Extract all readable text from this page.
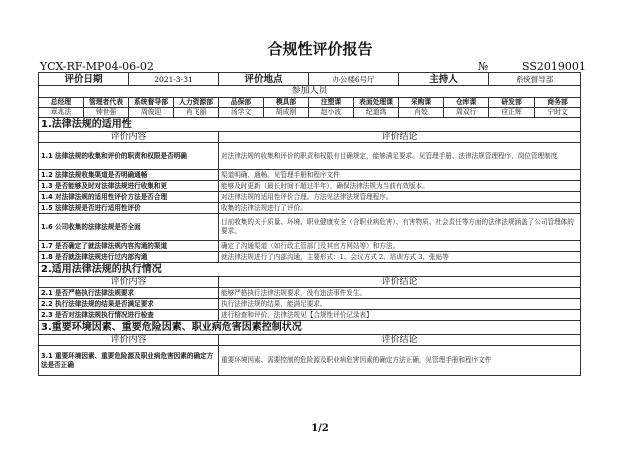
合规性评价报告
YCX-RF-MP04-06-02	№	SS2019001
评价日期		2021-3-31		评价地点		办公楼6号厅		主持人		系统督导部	
参加人员											
总经理	管理者代表	系统督导部	人力资源部	品保部	模具部	注塑课	表面处理课	采购课	仓库课	研发部	商务部
章兆法	钟世强	周俊迎	肖飞丽	汤学文	胡成刚	赵小波	纪道鸿	肖姣	周双行	应正辉	宁时文
1.法律法规的适用性											
评价内容				评价结论							
1.1 法律法规的收集和评价的职责和权限是否明确				对法律法规的收集和评价的职责和权限有目确规定，能够满足要求。见管理手册、法律法规管理程序、岗位管理制度							
1.2 法律法规收集渠道是否明确通畅				渠道明确、通畅。见管理手册和程序文件							
1.3 是否能够及时对法律法规进行收集和更				能够及时更新（最长时间不超过半年），确保法律法规为当前有效版本。							
1.4 对法律法规的适用性评价方法是否合理				对法律法规的适用性评价合理。方法见法律法规管理程序。							
1.5 法律法规是否进行适用性评价				收集的法律法规进行了评价。							
1.6 公司收集的法律法规是否全面				目前收集的关于质量、环境、职业健康安全（含职业病危害）、有害物质、社会责任等方面的法律法规涵盖了公司管理体的要求。							
1.7 是否确定了就法律法规内容沟通的渠道				确定了沟通渠道（如行政主管部门及其官方网站等）和方法。							
1.8 是否就法律法规进行过内部沟通				就法律法规进行了内部沟通，主要形式：1、会议方式 2、培训方式 3、张贴等							
2.适用法律法规的执行情况											
评价内容				评价结论							
2.1 是否严格执行法律法规要求				能够严格执行法律法规要求，没有违法事件发生。							
2.2 执行法律法规的结果是否满足要求				执行法律法规的结果，能满足要求。							
2.3 是否对法律法规执行情况进行检查				进行检查和评价，法律法规见【合规性评价记录表】							
3.重要环境因素、重要危险因素、职业病危害因素控制状况											
评价内容				评价结论							
3.1 重要环境因素、重要危险源及职业病危害因素的确定方法是否正确				重要环境因素、需要控制的危险源及职业病危害因素的确定方法正确，见管理手册和程序文件							
1/2
